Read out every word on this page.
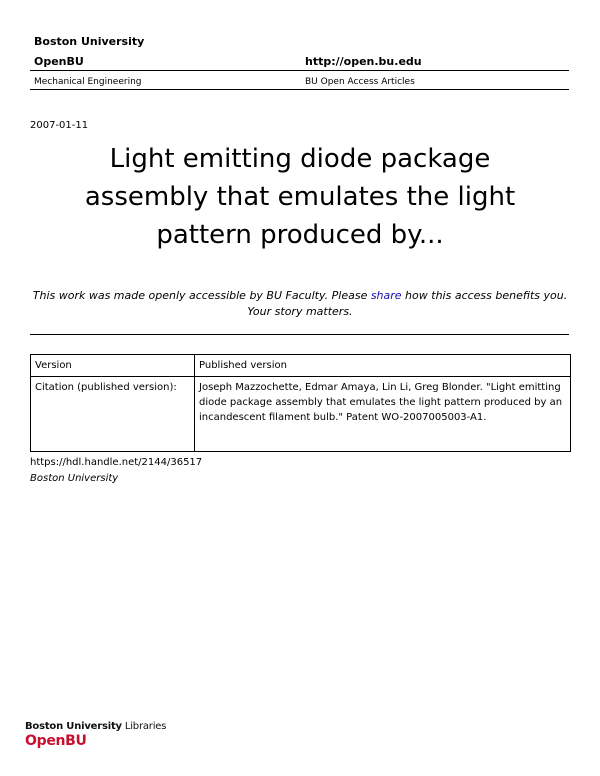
Boston University
OpenBU	http://open.bu.edu
Mechanical Engineering	BU Open Access Articles
2007-01-11
Light emitting diode package
assembly that emulates the light
pattern produced by...
This work was made openly accessible by BU Faculty. Please share how this access benefits you.
Your story matters.
Version	Published version
Citation (published version):	Joseph Mazzochette, Edmar Amaya, Lin Li, Greg Blonder. "Light emitting diode package assembly that emulates the light pattern produced by an incandescent filament bulb." Patent WO-2007005003-A1.
https://hdl.handle.net/2144/36517
Boston University
Boston University Libraries
OpenBU
